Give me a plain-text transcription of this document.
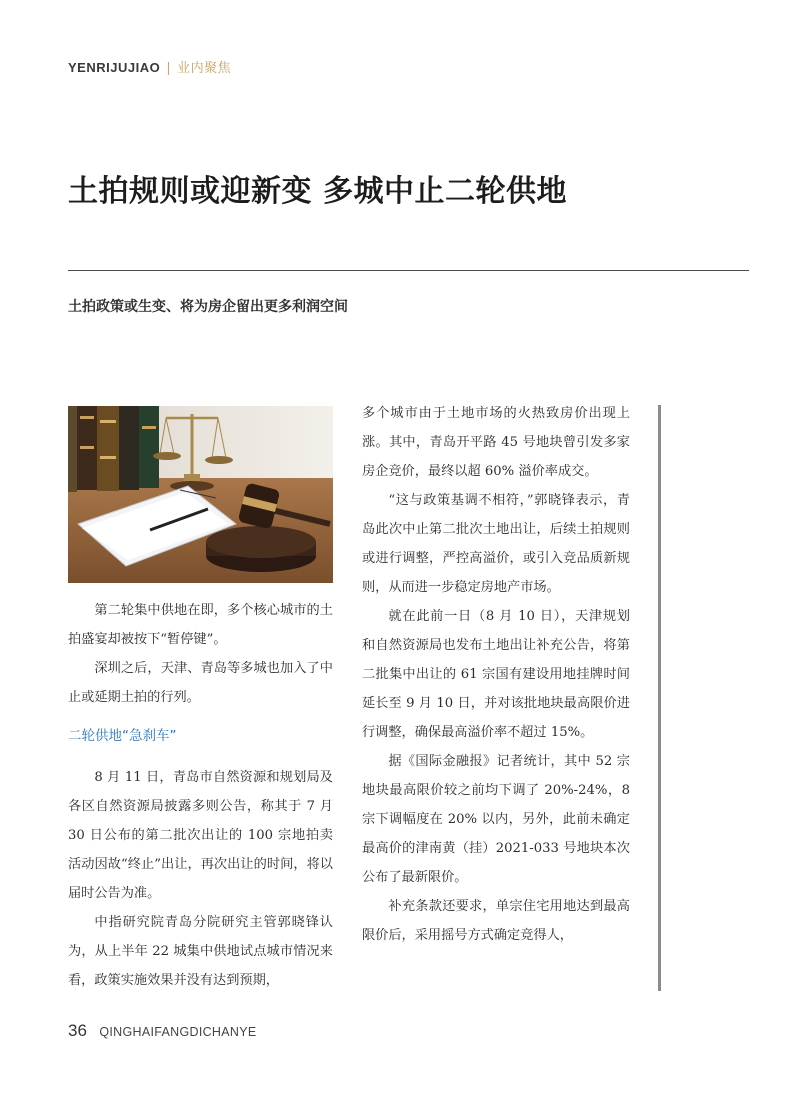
YENRIJUJIAO | 业内聚焦
土拍规则或迎新变 多城中止二轮供地
土拍政策或生变、将为房企留出更多利润空间

第二轮集中供地在即，多个核心城市的土拍盛宴却被按下“暂停键”。

深圳之后，天津、青岛等多城也加入了中止或延期土拍的行列。

二轮供地“急刹车”

8 月 11 日，青岛市自然资源和规划局及各区自然资源局披露多则公告，称其于 7 月 30 日公布的第二批次出让的 100 宗地拍卖活动因故“终止”出让，再次出让的时间，将以届时公告为准。

中指研究院青岛分院研究主管郭晓锋认为，从上半年 22 城集中供地试点城市情况来看，政策实施效果并没有达到预期，

多个城市由于土地市场的火热致房价出现上涨。其中，青岛开平路 45 号地块曾引发多家房企竞价，最终以超 60% 溢价率成交。

“这与政策基调不相符，”郭晓锋表示，青岛此次中止第二批次土地出让，后续土拍规则或进行调整，严控高溢价，或引入竞品质新规则，从而进一步稳定房地产市场。

就在此前一日（8 月 10 日），天津规划和自然资源局也发布土地出让补充公告，将第二批集中出让的 61 宗国有建设用地挂牌时间延长至 9 月 10 日，并对该批地块最高限价进行调整，确保最高溢价率不超过 15%。

据《国际金融报》记者统计，其中 52 宗地块最高限价较之前均下调了 20%-24%，8 宗下调幅度在 20% 以内，另外，此前未确定最高价的津南黄（挂）2021-033 号地块本次公布了最新限价。

补充条款还要求，单宗住宅用地达到最高限价后，采用摇号方式确定竞得人，

36 QINGHAIFANGDICHANYE
